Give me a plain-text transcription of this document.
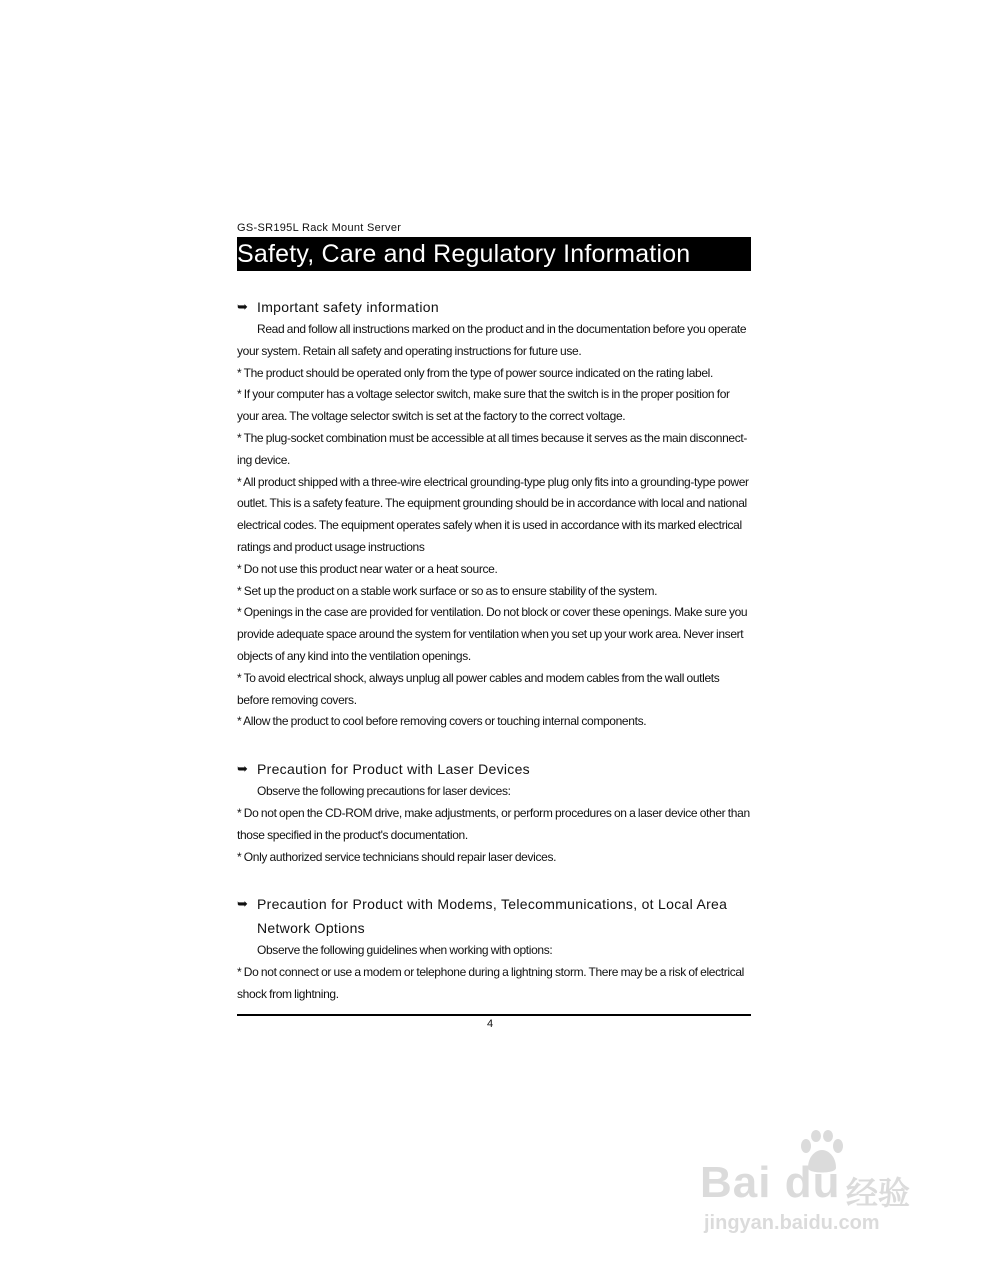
GS-SR195L Rack Mount Server
Safety, Care and Regulatory Information
➥ Important safety information

Read and follow all instructions marked on the product and in the documentation before you operate your system. Retain all safety and operating instructions for future use.

* The product should be operated only from the type of power source indicated on the rating label.

* If your computer has a voltage selector switch, make sure that the switch is in the proper position for your area. The voltage selector switch is set at the factory to the correct voltage.

* The plug-socket combination must be accessible at all times because it serves as the main disconnect-ing device.

* All product shipped with a three-wire electrical grounding-type plug only fits into a grounding-type power outlet. This is a safety feature. The equipment grounding should be in accordance with local and national electrical codes. The equipment operates safely when it is used in accordance with its marked electrical ratings and product usage instructions

* Do not use this product near water or a heat source.

* Set up the product on a stable work surface or so as to ensure stability of the system.

* Openings in the case are provided for ventilation. Do not block or cover these openings. Make sure you provide adequate space around the system for ventilation when you set up your work area. Never insert objects of any kind into the ventilation openings.

* To avoid electrical shock, always unplug all power cables and modem cables from the wall outlets before removing covers.

* Allow the product to cool before removing covers or touching internal components.

➥ Precaution for Product with Laser Devices

Observe the following precautions for laser devices:

* Do not open the CD-ROM drive, make adjustments, or perform procedures on a laser device other than those specified in the product's documentation.

* Only authorized service technicians should repair laser devices.

➥ Precaution for Product with Modems, Telecommunications, ot Local Area Network Options

Observe the following guidelines when working with options:

* Do not connect or use a modem or telephone during a lightning storm. There may be a risk of electrical shock from lightning.

4
Bai du 经验
jingyan.baidu.com
